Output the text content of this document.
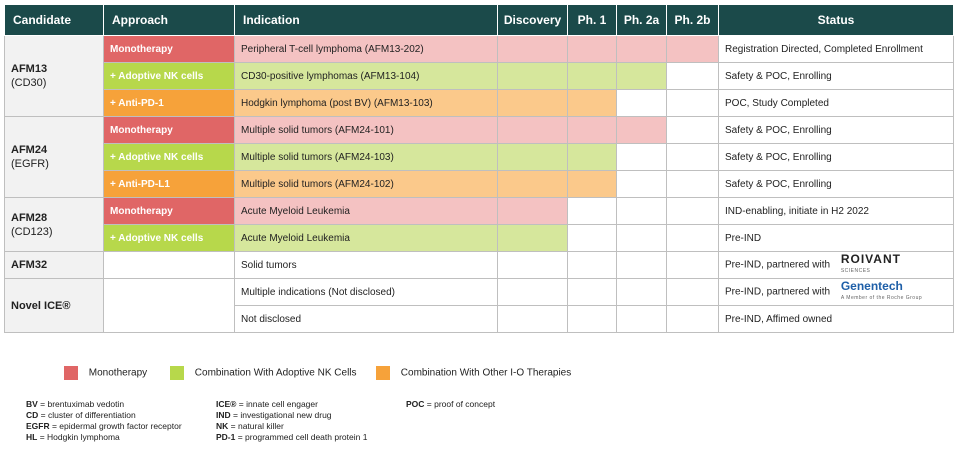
Candidate	Approach	Indication	Discovery	Ph. 1	Ph. 2a	Ph. 2b	Status

AFM13
(CD30)	Monotherapy	Peripheral T-cell lymphoma (AFM13-202)					Registration Directed, Completed Enrollment
	+ Adoptive NK cells	CD30-positive lymphomas (AFM13-104)					Safety & POC, Enrolling
	+ Anti-PD-1	Hodgkin lymphoma (post BV) (AFM13-103)					POC, Study Completed

AFM24
(EGFR)	Monotherapy	Multiple solid tumors (AFM24-101)					Safety & POC, Enrolling
	+ Adoptive NK cells	Multiple solid tumors (AFM24-103)					Safety & POC, Enrolling
	+ Anti-PD-L1	Multiple solid tumors (AFM24-102)					Safety & POC, Enrolling

AFM28
(CD123)	Monotherapy	Acute Myeloid Leukemia					IND-enabling, initiate in H2 2022
	+ Adoptive NK cells	Acute Myeloid Leukemia					Pre-IND

AFM32		Solid tumors					Pre-IND, partnered with ROIVANT
SCIENCES

Novel ICE®		Multiple indications (Not disclosed)					Pre-IND, partnered with Genentech
A Member of the Roche Group

		Not disclosed					Pre-IND, Affimed owned
Monotherapy	Combination With Adoptive NK Cells	Combination With Other I-O Therapies
BV = brentuximab vedotin
CD = cluster of differentiation
EGFR = epidermal growth factor receptor
HL = Hodgkin lymphoma
ICE® = innate cell engager
IND = investigational new drug
NK = natural killer
PD-1 = programmed cell death protein 1
POC = proof of concept
